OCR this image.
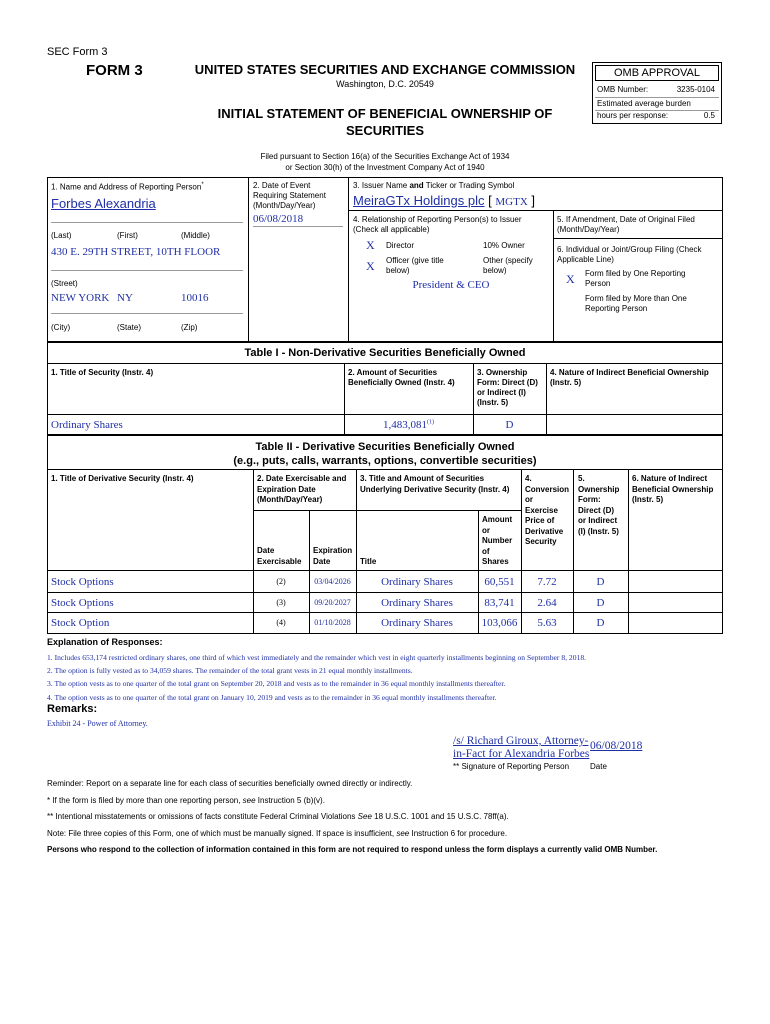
SEC Form 3
FORM 3	UNITED STATES SECURITIES AND EXCHANGE COMMISSION
Washington, D.C. 20549
INITIAL STATEMENT OF BENEFICIAL OWNERSHIP OF
SECURITIES
OMB APPROVAL
OMB Number:	3235-0104
Estimated average burden
hours per response:	0.5
Filed pursuant to Section 16(a) of the Securities Exchange Act of 1934
or Section 30(h) of the Investment Company Act of 1940
1. Name and Address of Reporting Person*
Forbes Alexandria
(Last)	(First)	(Middle)
430 E. 29TH STREET, 10TH FLOOR
(Street)
NEW YORK NY	10016
(City)	(State)	(Zip)
2. Date of Event
Requiring Statement
(Month/Day/Year)
06/08/2018
3. Issuer Name and Ticker or Trading Symbol
MeiraGTx Holdings plc [ MGTX ]
4. Relationship of Reporting Person(s) to Issuer
(Check all applicable)
X Director	10% Owner
X Officer (give title
below)
Other (specify
below)
President & CEO
5. If Amendment, Date of Original Filed
(Month/Day/Year)
6. Individual or Joint/Group Filing (Check
Applicable Line)
X Form filed by One Reporting
Person
Form filed by More than One
Reporting Person
Table I - Non-Derivative Securities Beneficially Owned
1. Title of Security (Instr. 4)	2. Amount of Securities
Beneficially Owned (Instr. 4)
3. Ownership
Form: Direct (D)
or Indirect (I)
(Instr. 5)
4. Nature of Indirect Beneficial Ownership
(Instr. 5)
Ordinary Shares	1,483,081$^{(1)}$	D
Table II - Derivative Securities Beneficially Owned
(e.g., puts, calls, warrants, options, convertible securities)
1. Title of Derivative Security (Instr. 4)	2. Date Exercisable and
Expiration Date
(Month/Day/Year)
3. Title and Amount of Securities
Underlying Derivative Security (Instr. 4)
4.
Conversion
or
Exercise
Price of
Derivative
Security
5.
Ownership
Form:
Direct (D)
or Indirect
(I) (Instr. 5)
6. Nature of Indirect
Beneficial Ownership
(Instr. 5)
Date
Exercisable
Expiration
Date	Title
Amount
or
Number
of
Shares
Stock Options	(2)	03/04/2026	Ordinary Shares	60,551	7.72	D
Stock Options	(3)	09/20/2027	Ordinary Shares	83,741	2.64	D
Stock Option	(4)	01/10/2028	Ordinary Shares	103,066	5.63	D
Explanation of Responses:
1. Includes 653,174 restricted ordinary shares, one third of which vest immediately and the remainder which vest in eight quarterly installments beginning on September 8, 2018.
2. The option is fully vested as to 34,059 shares. The remainder of the total grant vests in 21 equal monthly installments.
3. The option vests as to one quarter of the total grant on September 20, 2018 and vests as to the remainder in 36 equal monthly installments thereafter.
4. The option vests as to one quarter of the total grant on January 10, 2019 and vests as to the remainder in 36 equal monthly installments thereafter.
Remarks:
Exhibit 24 - Power of Attorney.
/s/ Richard Giroux, Attorney-
in-Fact for Alexandria Forbes
06/08/2018
** Signature of Reporting Person	Date
Reminder: Report on a separate line for each class of securities beneficially owned directly or indirectly.
* If the form is filed by more than one reporting person, see Instruction 5 (b)(v).
** Intentional misstatements or omissions of facts constitute Federal Criminal Violations See 18 U.S.C. 1001 and 15 U.S.C. 78ff(a).
Note: File three copies of this Form, one of which must be manually signed. If space is insufficient, see Instruction 6 for procedure.
Persons who respond to the collection of information contained in this form are not required to respond unless the form displays a currently valid OMB Number.
